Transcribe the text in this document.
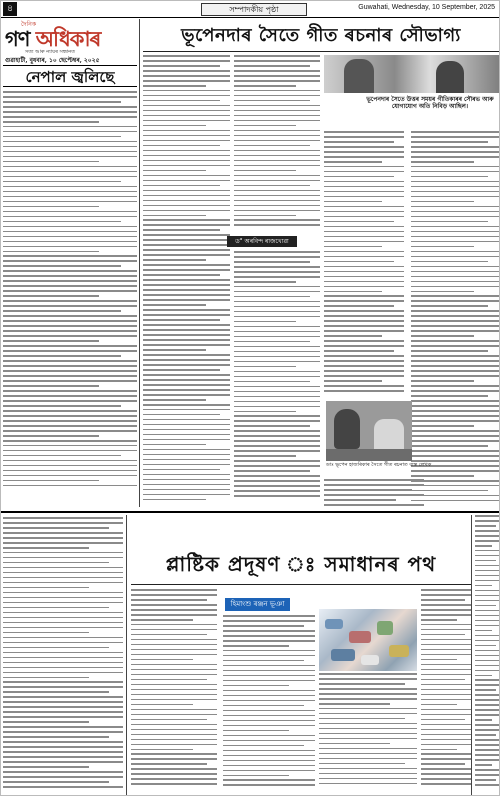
৪	সম্পাদকীয় পৃষ্ঠা	Guwahati, Wednesday, 10 September, 2025
দৈনিক
গণ অধিকাৰ
সত্য আৰু ন্যায়ৰ সন্ধানত
গুৱাহাটী, বুধবাৰ, ১০ ছেপ্টেম্বৰ, ২০২৫
নেপাল জ্বলিছে
ভূপেনদাৰ সৈতে গীত ৰচনাৰ সৌভাগ্য
ভূপেনদাৰ সৈতে উত্তৰ সময়ৰ গীতিকাৰৰ সৌৰভ আৰু যোগাযোগ অতি নিবিড় আছিল।
ড° অৰবিন্দ ৰাজখোৱা
ডাঃ ভূপেন হাজৰিকাৰ সৈতে গীত ৰচনাত ব্যস্ত লেখক
প্লাষ্টিক প্ৰদূষণ ঃ সমাধানৰ পথ
হিমাংশু ৰঞ্জন ভূঞা
